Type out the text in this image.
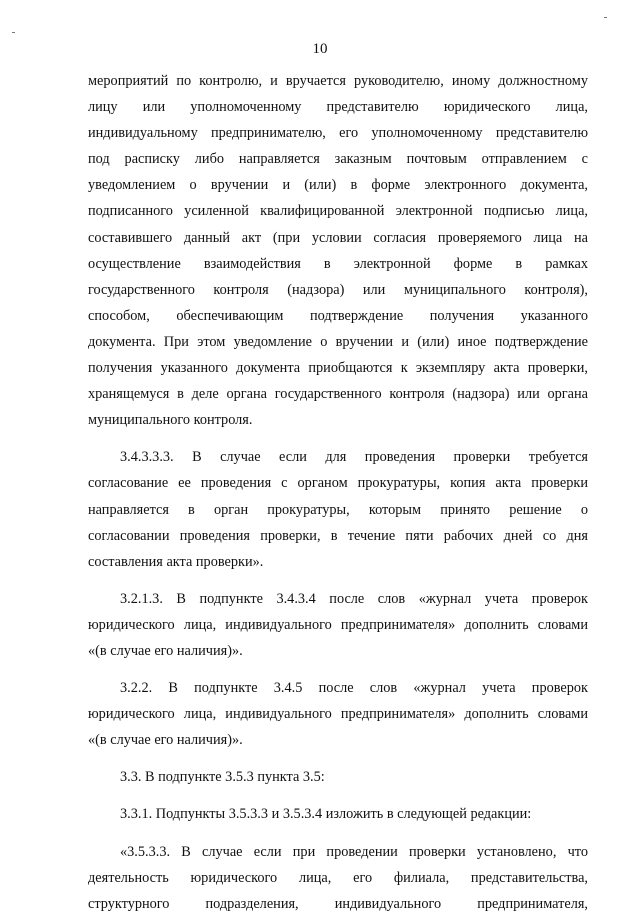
10
мероприятий по контролю, и вручается руководителю, иному должностному
лицу или уполномоченному представителю юридического лица,
индивидуальному предпринимателю, его уполномоченному представителю
под расписку либо направляется заказным почтовым отправлением с
уведомлением о вручении и (или) в форме электронного документа,
подписанного усиленной квалифицированной электронной подписью лица,
составившего данный акт (при условии согласия проверяемого лица на
осуществление взаимодействия в электронной форме в рамках
государственного контроля (надзора) или муниципального контроля),
способом, обеспечивающим подтверждение получения указанного
документа. При этом уведомление о вручении и (или) иное подтверждение
получения указанного документа приобщаются к экземпляру акта проверки,
хранящемуся в деле органа государственного контроля (надзора) или органа
муниципального контроля.
3.4.3.3.3. В случае если для проведения проверки требуется
согласование ее проведения с органом прокуратуры, копия акта проверки
направляется в орган прокуратуры, которым принято решение о
согласовании проведения проверки, в течение пяти рабочих дней со дня
составления акта проверки».
3.2.1.3. В подпункте 3.4.3.4 после слов «журнал учета проверок
юридического лица, индивидуального предпринимателя» дополнить словами
«(в случае его наличия)».
3.2.2. В подпункте 3.4.5 после слов «журнал учета проверок
юридического лица, индивидуального предпринимателя» дополнить словами
«(в случае его наличия)».
3.3. В подпункте 3.5.3 пункта 3.5:
3.3.1. Подпункты 3.5.3.3 и 3.5.3.4 изложить в следующей редакции:
«3.5.3.3. В случае если при проведении проверки установлено, что
деятельность юридического лица, его филиала, представительства,
структурного подразделения, индивидуального предпринимателя,
